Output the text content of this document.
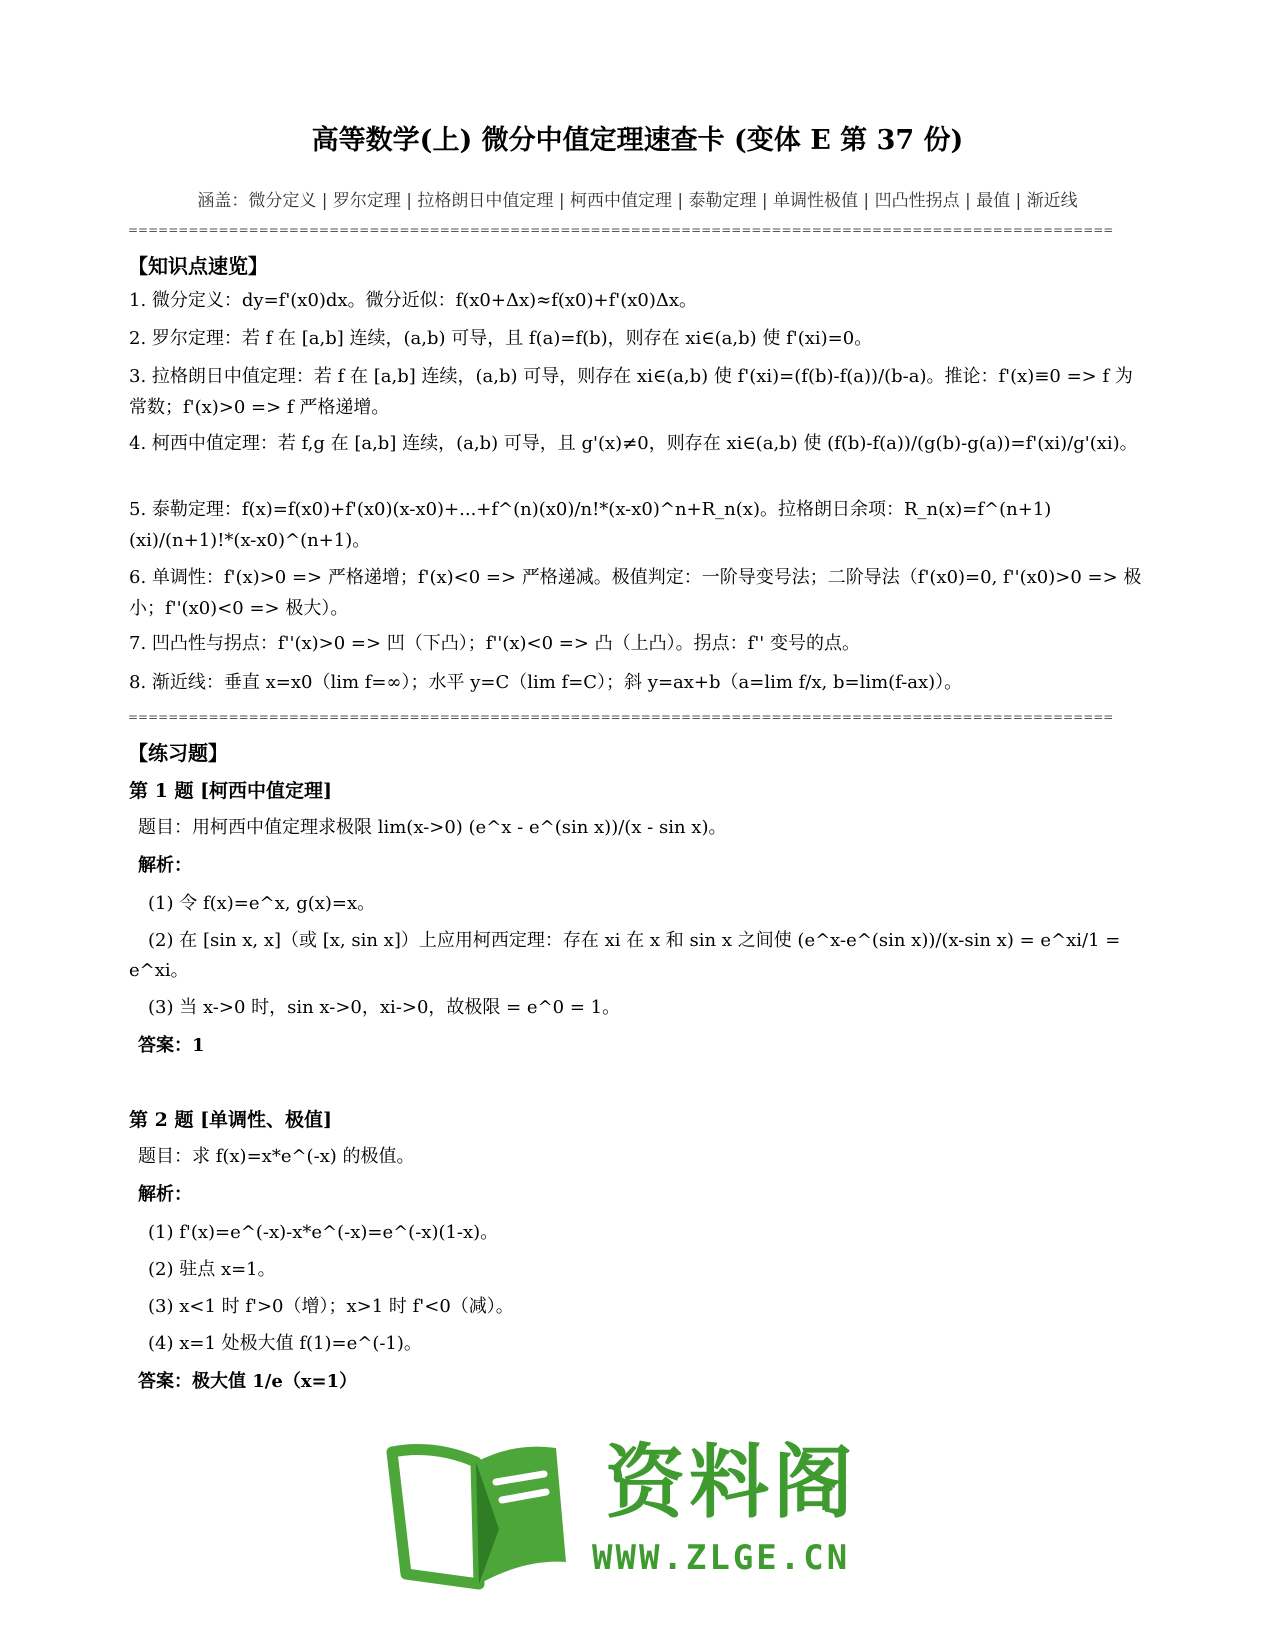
高等数学(上) 微分中值定理速查卡 (变体 E 第 37 份)
涵盖：微分定义 | 罗尔定理 | 拉格朗日中值定理 | 柯西中值定理 | 泰勒定理 | 单调性极值 | 凹凸性拐点 | 最值 | 渐近线
==================================================================================================
【知识点速览】
1. 微分定义：dy=f'(x0)dx。微分近似：f(x0+Δx)≈f(x0)+f'(x0)Δx。
2. 罗尔定理：若 f 在 [a,b] 连续，(a,b) 可导，且 f(a)=f(b)，则存在 xi∈(a,b) 使 f'(xi)=0。
3. 拉格朗日中值定理：若 f 在 [a,b] 连续，(a,b) 可导，则存在 xi∈(a,b) 使 f'(xi)=(f(b)-f(a))/(b-a)。推论：f'(x)≡0 => f 为常数；f'(x)>0 => f 严格递增。
4. 柯西中值定理：若 f,g 在 [a,b] 连续，(a,b) 可导，且 g'(x)≠0，则存在 xi∈(a,b) 使 (f(b)-f(a))/(g(b)-g(a))=f'(xi)/g'(xi)。
5. 泰勒定理：f(x)=f(x0)+f'(x0)(x-x0)+...+f^(n)(x0)/n!*(x-x0)^n+R_n(x)。拉格朗日余项：R_n(x)=f^(n+1)(xi)/(n+1)!*(x-x0)^(n+1)。
6. 单调性：f'(x)>0 => 严格递增；f'(x)<0 => 严格递减。极值判定：一阶导变号法；二阶导法（f'(x0)=0, f''(x0)>0 => 极小；f''(x0)<0 => 极大）。
7. 凹凸性与拐点：f''(x)>0 => 凹（下凸）；f''(x)<0 => 凸（上凸）。拐点：f'' 变号的点。
8. 渐近线：垂直 x=x0（lim f=∞）；水平 y=C（lim f=C）；斜 y=ax+b（a=lim f/x, b=lim(f-ax)）。
==================================================================================================
【练习题】
第 1 题 [柯西中值定理]
题目：用柯西中值定理求极限 lim(x->0) (e^x - e^(sin x))/(x - sin x)。
解析：
(1) 令 f(x)=e^x, g(x)=x。
(2) 在 [sin x, x]（或 [x, sin x]）上应用柯西定理：存在 xi 在 x 和 sin x 之间使 (e^x-e^(sin x))/(x-sin x) = e^xi/1 =
e^xi。
(3) 当 x->0 时，sin x->0，xi->0，故极限 = e^0 = 1。
答案：1
第 2 题 [单调性、极值]
题目：求 f(x)=x*e^(-x) 的极值。
解析：
(1) f'(x)=e^(-x)-x*e^(-x)=e^(-x)(1-x)。
(2) 驻点 x=1。
(3) x<1 时 f'>0（增）；x>1 时 f'<0（减）。
(4) x=1 处极大值 f(1)=e^(-1)。
答案：极大值 1/e（x=1）
资料阁
WWW.ZLGE.CN
